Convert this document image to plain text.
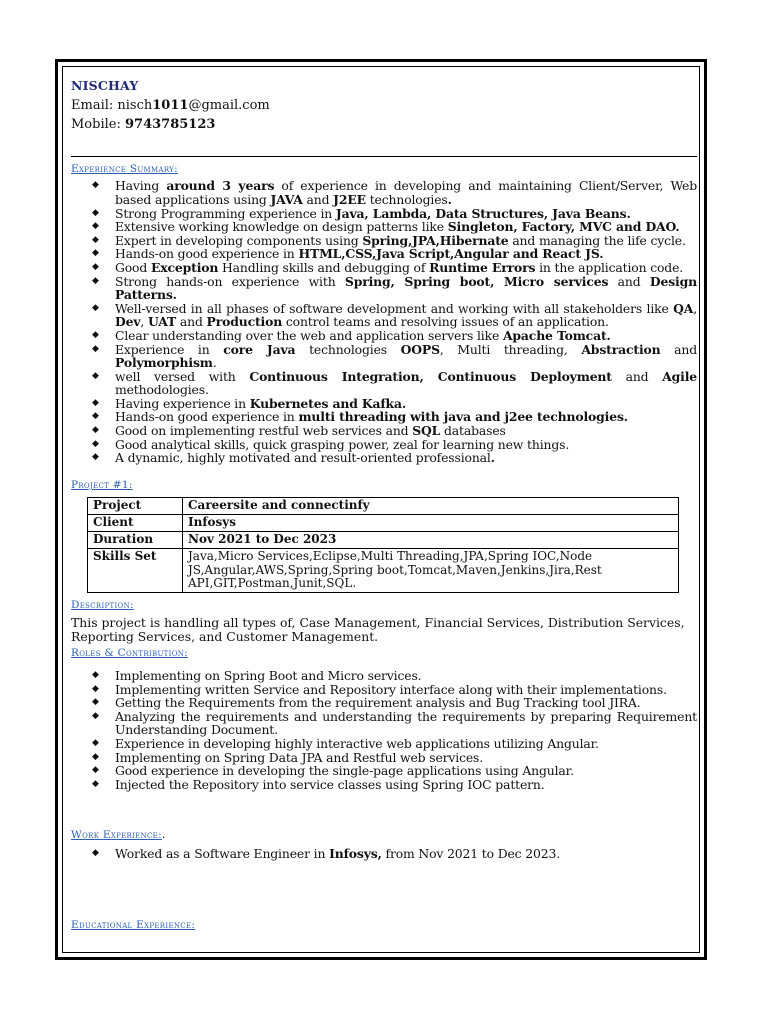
NISCHAY
Email: nisch1011@gmail.com
Mobile: 9743785123
Experience Summary:
◆ Having around 3 years of experience in developing and maintaining Client/Server, Web based applications using JAVA and J2EE technologies.
◆ Strong Programming experience in Java, Lambda, Data Structures, Java Beans.
◆ Extensive working knowledge on design patterns like Singleton, Factory, MVC and DAO.
◆ Expert in developing components using Spring,JPA,Hibernate and managing the life cycle.
◆ Hands-on good experience in HTML,CSS,Java Script,Angular and React JS.
◆ Good Exception Handling skills and debugging of Runtime Errors in the application code.
◆ Strong hands-on experience with Spring, Spring boot, Micro services and Design Patterns.
◆ Well-versed in all phases of software development and working with all stakeholders like QA, Dev, UAT and Production control teams and resolving issues of an application.
◆ Clear understanding over the web and application servers like Apache Tomcat.
◆ Experience in core Java technologies OOPS, Multi threading, Abstraction and Polymorphism.
◆ well versed with Continuous Integration, Continuous Deployment and Agile methodologies.
◆ Having experience in Kubernetes and Kafka.
◆ Hands-on good experience in multi threading with java and j2ee technologies.
◆ Good on implementing restful web services and SQL databases
◆ Good analytical skills, quick grasping power, zeal for learning new things.
◆ A dynamic, highly motivated and result-oriented professional.
Project #1:
Project	Careersite and connectinfy
Client	Infosys
Duration	Nov 2021 to Dec 2023
Skills Set	Java,Micro Services,Eclipse,Multi Threading,JPA,Spring IOC,Node JS,Angular,AWS,Spring,Spring boot,Tomcat,Maven,Jenkins,Jira,Rest API,GIT,Postman,Junit,SQL.
Description:
This project is handling all types of, Case Management, Financial Services, Distribution Services, Reporting Services, and Customer Management.
Roles & Contribution:
◆ Implementing on Spring Boot and Micro services.
◆ Implementing written Service and Repository interface along with their implementations.
◆ Getting the Requirements from the requirement analysis and Bug Tracking tool JIRA.
◆ Analyzing the requirements and understanding the requirements by preparing Requirement Understanding Document.
◆ Experience in developing highly interactive web applications utilizing Angular.
◆ Implementing on Spring Data JPA and Restful web services.
◆ Good experience in developing the single-page applications using Angular.
◆ Injected the Repository into service classes using Spring IOC pattern.
Work Experience:.
◆ Worked as a Software Engineer in Infosys, from Nov 2021 to Dec 2023.
Educational Experience:
